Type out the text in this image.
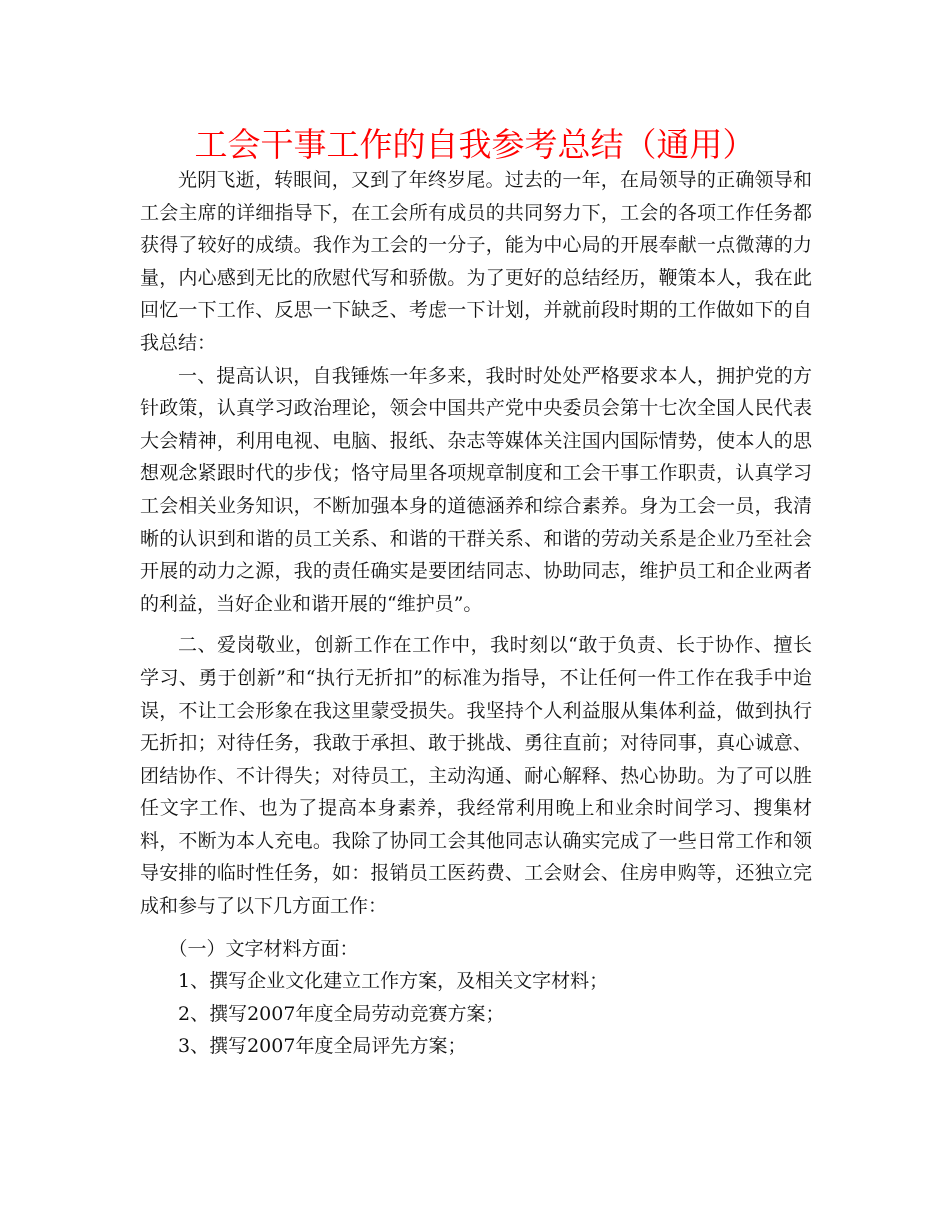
工会干事工作的自我参考总结（通用）

光阴飞逝，转眼间，又到了年终岁尾。过去的一年，在局领导的正确领导和工会主席的详细指导下，在工会所有成员的共同努力下，工会的各项工作任务都获得了较好的成绩。我作为工会的一分子，能为中心局的开展奉献一点微薄的力量，内心感到无比的欣慰代写和骄傲。为了更好的总结经历，鞭策本人，我在此回忆一下工作、反思一下缺乏、考虑一下计划，并就前段时期的工作做如下的自我总结：

一、提高认识，自我锤炼一年多来，我时时处处严格要求本人，拥护党的方针政策，认真学习政治理论，领会中国共产党中央委员会第十七次全国人民代表大会精神，利用电视、电脑、报纸、杂志等媒体关注国内国际情势，使本人的思想观念紧跟时代的步伐；恪守局里各项规章制度和工会干事工作职责，认真学习工会相关业务知识，不断加强本身的道德涵养和综合素养。身为工会一员，我清晰的认识到和谐的员工关系、和谐的干群关系、和谐的劳动关系是企业乃至社会开展的动力之源，我的责任确实是要团结同志、协助同志，维护员工和企业两者的利益，当好企业和谐开展的“维护员”。

二、爱岗敬业，创新工作在工作中，我时刻以“敢于负责、长于协作、擅长学习、勇于创新”和“执行无折扣”的标准为指导，不让任何一件工作在我手中迨误，不让工会形象在我这里蒙受损失。我坚持个人利益服从集体利益，做到执行无折扣；对待任务，我敢于承担、敢于挑战、勇往直前；对待同事，真心诚意、团结协作、不计得失；对待员工，主动沟通、耐心解释、热心协助。为了可以胜任文字工作、也为了提高本身素养，我经常利用晚上和业余时间学习、搜集材料，不断为本人充电。我除了协同工会其他同志认确实完成了一些日常工作和领导安排的临时性任务，如：报销员工医药费、工会财会、住房申购等，还独立完成和参与了以下几方面工作：

（一）文字材料方面：

1、撰写企业文化建立工作方案，及相关文字材料；

2、撰写2007年度全局劳动竞赛方案；

3、撰写2007年度全局评先方案；
